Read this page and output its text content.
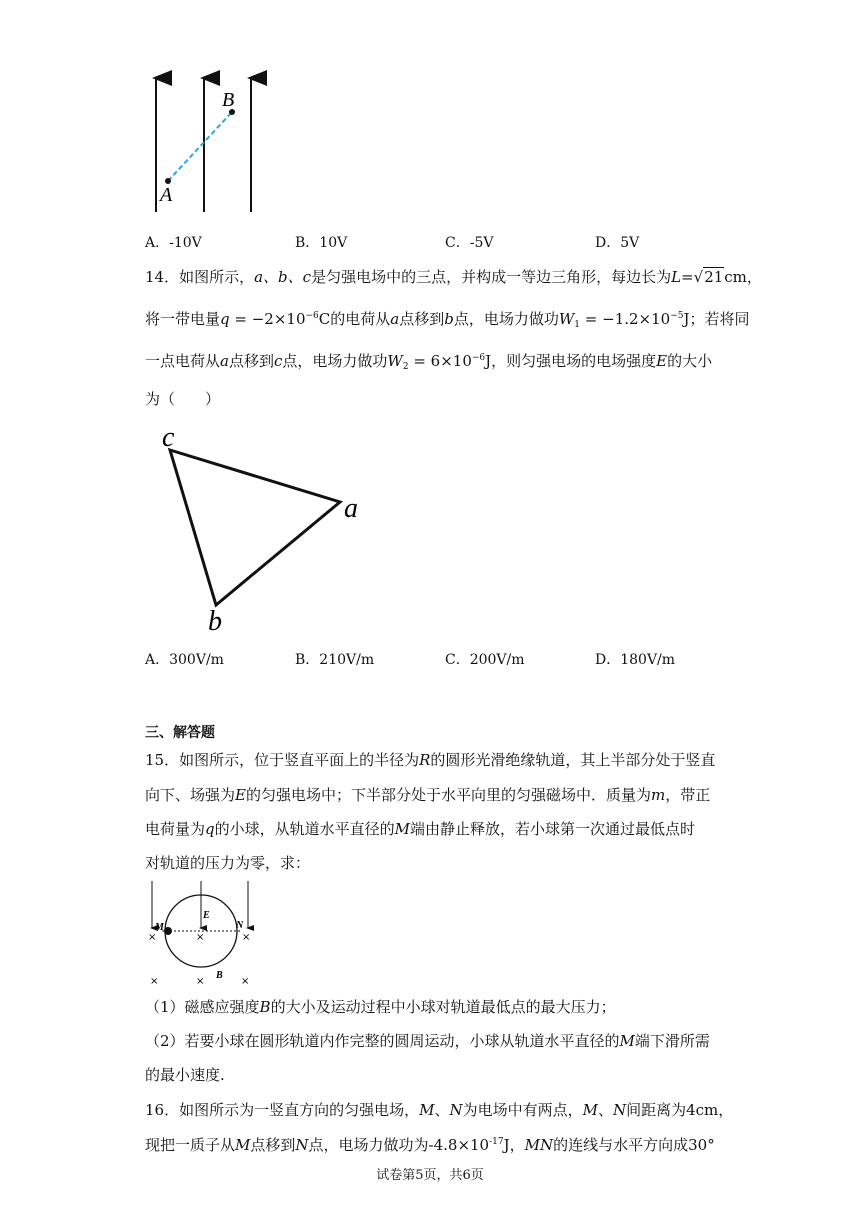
A
B
A．-10V	B．10V	C．-5V	D．5V
14．如图所示，a、b、c是匀强电场中的三点，并构成一等边三角形，每边长为L=√21cm，
将一带电量$q = -2\times 10^{-6}C$的电荷从a点移到b点，电场力做功$W_1 = -1.2\times 10^{-5}J$；若将同
一点电荷从a点移到c点，电场力做功$W_2 = 6\times 10^{-6}J$，则匀强电场的电场强度E的大小
为（　　）
c
a
b
A．300V/m	B．210V/m	C．200V/m	D．180V/m
三、解答题
15．如图所示，位于竖直平面上的半径为R的圆形光滑绝缘轨道，其上半部分处于竖直
向下、场强为E的匀强电场中；下半部分处于水平向里的匀强磁场中．质量为m，带正
电荷量为q的小球，从轨道水平直径的M端由静止释放，若小球第一次通过最低点时
对轨道的压力为零，求：
M	N
E
B
×	×	×
×	×	×
（1）磁感应强度B的大小及运动过程中小球对轨道最低点的最大压力；
（2）若要小球在圆形轨道内作完整的圆周运动，小球从轨道水平直径的M端下滑所需
的最小速度.
16．如图所示为一竖直方向的匀强电场，M、N为电场中有两点，M、N间距离为4cm，
现把一质子从M点移到N点，电场力做功为$-4.8\times 10^{-17}J$，MN的连线与水平方向成30°
试卷第5页，共6页
